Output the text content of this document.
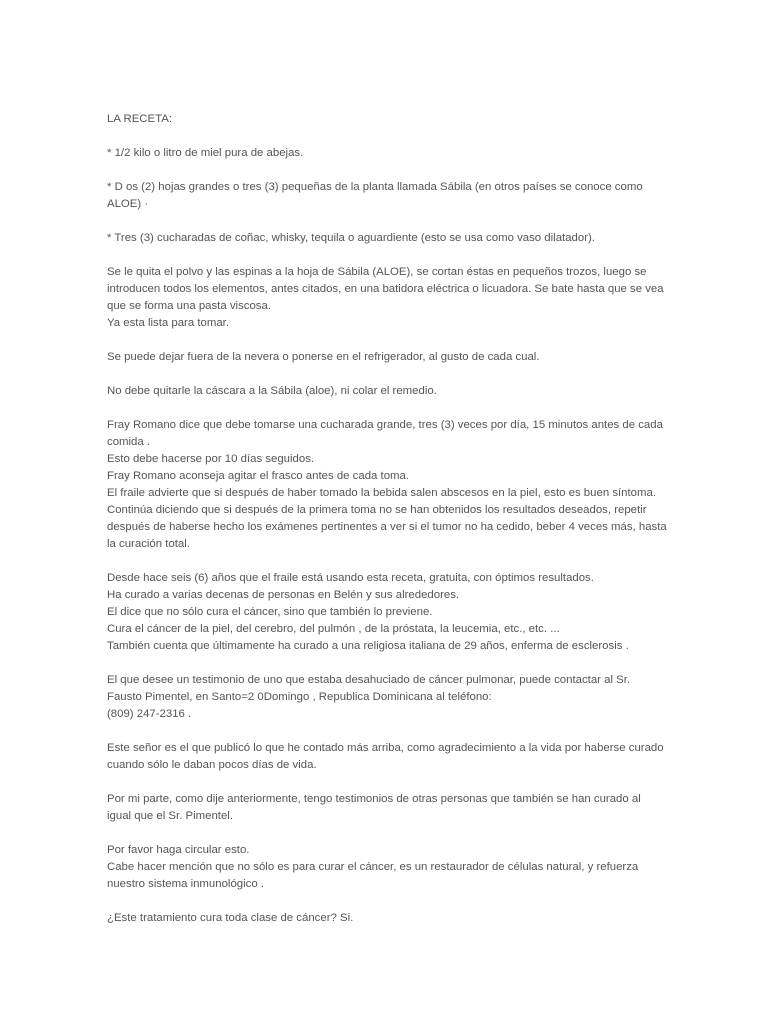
LA RECETA:
* 1/2 kilo o litro de miel pura de abejas.
* D os (2) hojas grandes o tres (3) pequeñas de la planta llamada Sábila (en otros países se conoce como
ALOE) ·
* Tres (3) cucharadas de coñac, whisky, tequila o aguardiente (esto se usa como vaso dilatador).
Se le quita el polvo y las espinas a la hoja de Sábila (ALOE), se cortan éstas en pequeños trozos, luego se
introducen todos los elementos, antes citados, en una batidora eléctrica o licuadora. Se bate hasta que se vea
que se forma una pasta viscosa.
Ya esta lista para tomar.
Se puede dejar fuera de la nevera o ponerse en el refrigerador, al gusto de cada cual.
No debe quitarle la cáscara a la Sábila (aloe), ni colar el remedio.
Fray Romano dice que debe tomarse una cucharada grande, tres (3) veces por día, 15 minutos antes de cada
comida .
Esto debe hacerse por 10 días seguidos.
Fray Romano aconseja agitar el frasco antes de cada toma.
El fraile advierte que si después de haber tomado la bebida salen abscesos en la piel, esto es buen síntoma.
Continúa diciendo que si después de la primera toma no se han obtenidos los resultados deseados, repetir
después de haberse hecho los exámenes pertinentes a ver si el tumor no ha cedido, beber 4 veces más, hasta
la curación total.
Desde hace seis (6) años que el fraile está usando esta receta, gratuita, con óptimos resultados.
Ha curado a varias decenas de personas en Belén y sus alrededores.
El dice que no sólo cura el cáncer, sino que también lo previene.
Cura el cáncer de la piel, del cerebro, del pulmón , de la próstata, la leucemia, etc., etc. ...
También cuenta que últimamente ha curado a una religiosa italiana de 29 años, enferma de esclerosis .
El que desee un testimonio de uno que estaba desahuciado de cáncer pulmonar, puede contactar al Sr.
Fausto Pimentel, en Santo=2 0Domingo , Republica Dominicana al teléfono:
(809) 247-2316 .
Este señor es el que publicó lo que he contado más arriba, como agradecimiento a la vida por haberse curado
cuando sólo le daban pocos días de vida.
Por mi parte, como dije anteriormente, tengo testimonios de otras personas que también se han curado al
igual que el Sr. Pimentel.
Por favor haga circular esto.
Cabe hacer mención que no sólo es para curar el cáncer, es un restaurador de células natural, y refuerza
nuestro sistema inmunológico .
¿Este tratamiento cura toda clase de cáncer? Si.
